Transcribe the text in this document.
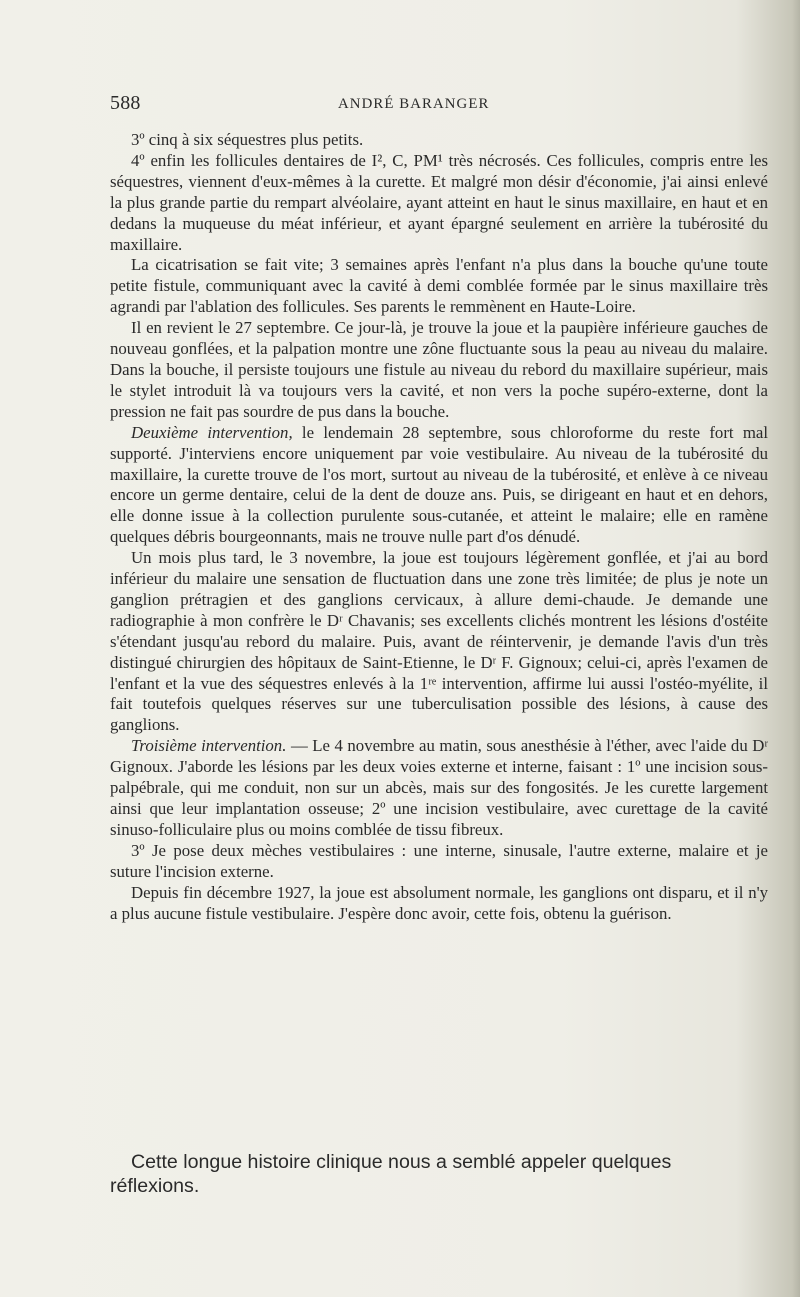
588	ANDRÉ BARANGER

3º cinq à six séquestres plus petits.

4º enfin les follicules dentaires de I², C, PM¹ très nécrosés. Ces follicules, compris entre les séquestres, viennent d'eux-mêmes à la curette. Et malgré mon désir d'économie, j'ai ainsi enlevé la plus grande partie du rempart alvéolaire, ayant atteint en haut le sinus maxillaire, en haut et en dedans la muqueuse du méat inférieur, et ayant épargné seulement en arrière la tubérosité du maxillaire.

La cicatrisation se fait vite; 3 semaines après l'enfant n'a plus dans la bouche qu'une toute petite fistule, communiquant avec la cavité à demi comblée formée par le sinus maxillaire très agrandi par l'ablation des follicules. Ses parents le remmènent en Haute-Loire.

Il en revient le 27 septembre. Ce jour-là, je trouve la joue et la paupière inférieure gauches de nouveau gonflées, et la palpation montre une zône fluctuante sous la peau au niveau du malaire. Dans la bouche, il persiste toujours une fistule au niveau du rebord du maxillaire supérieur, mais le stylet introduit là va toujours vers la cavité, et non vers la poche supéro-externe, dont la pression ne fait pas sourdre de pus dans la bouche.

Deuxième intervention, le lendemain 28 septembre, sous chloroforme du reste fort mal supporté. J'interviens encore uniquement par voie vestibulaire. Au niveau de la tubérosité du maxillaire, la curette trouve de l'os mort, surtout au niveau de la tubérosité, et enlève à ce niveau encore un germe dentaire, celui de la dent de douze ans. Puis, se dirigeant en haut et en dehors, elle donne issue à la collection purulente sous-cutanée, et atteint le malaire; elle en ramène quelques débris bourgeonnants, mais ne trouve nulle part d'os dénudé.

Un mois plus tard, le 3 novembre, la joue est toujours légèrement gonflée, et j'ai au bord inférieur du malaire une sensation de fluctuation dans une zone très limitée; de plus je note un ganglion prétragien et des ganglions cervicaux, à allure demi-chaude. Je demande une radiographie à mon confrère le Dʳ Chavanis; ses excellents clichés montrent les lésions d'ostéite s'étendant jusqu'au rebord du malaire. Puis, avant de réintervenir, je demande l'avis d'un très distingué chirurgien des hôpitaux de Saint-Etienne, le Dʳ F. Gignoux; celui-ci, après l'examen de l'enfant et la vue des séquestres enlevés à la 1ʳᵉ intervention, affirme lui aussi l'ostéo-myélite, il fait toutefois quelques réserves sur une tuberculisation possible des lésions, à cause des ganglions.

Troisième intervention. — Le 4 novembre au matin, sous anesthésie à l'éther, avec l'aide du Dʳ Gignoux. J'aborde les lésions par les deux voies externe et interne, faisant : 1º une incision sous-palpébrale, qui me conduit, non sur un abcès, mais sur des fongosités. Je les curette largement ainsi que leur implantation osseuse; 2º une incision vestibulaire, avec curettage de la cavité sinuso-folliculaire plus ou moins comblée de tissu fibreux.

3º Je pose deux mèches vestibulaires : une interne, sinusale, l'autre externe, malaire et je suture l'incision externe.

Depuis fin décembre 1927, la joue est absolument normale, les ganglions ont disparu, et il n'y a plus aucune fistule vestibulaire. J'espère donc avoir, cette fois, obtenu la guérison.

Cette longue histoire clinique nous a semblé appeler quelques réflexions.
